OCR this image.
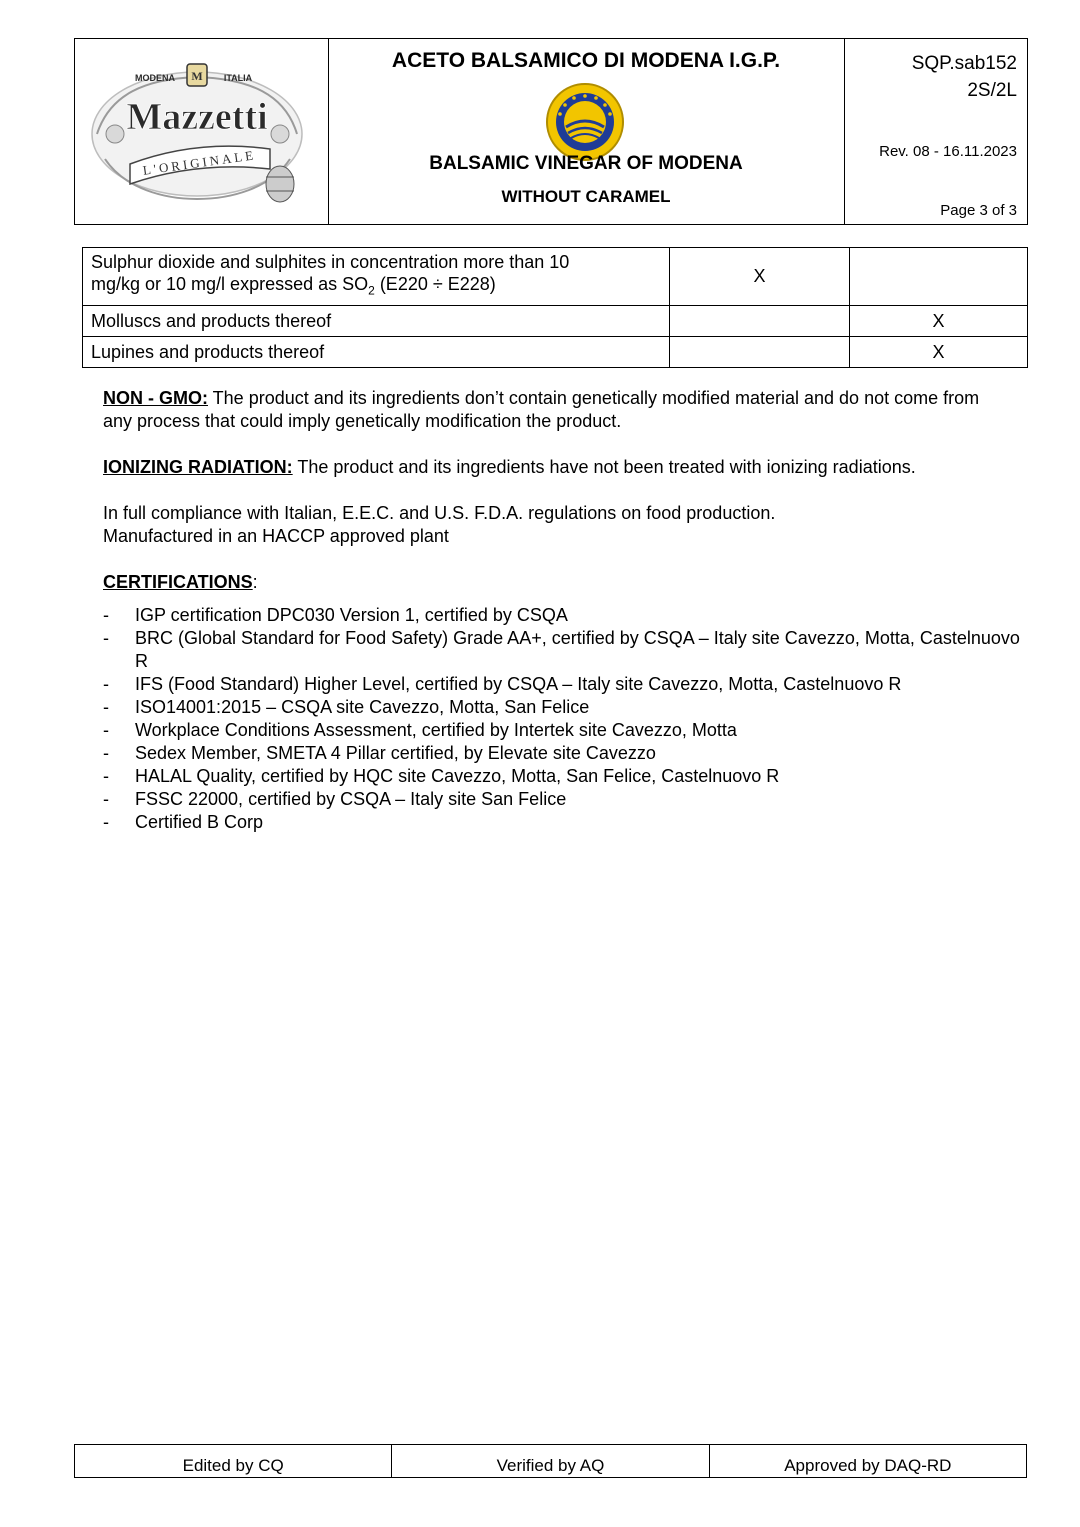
M
MODENA	ITALIA
Mazzetti
L'ORIGINALE
ACETO BALSAMICO DI MODENA I.G.P.
BALSAMIC VINEGAR OF MODENA
WITHOUT CARAMEL
SQP.sab152
2S/2L
Rev. 08 - 16.11.2023
Page 3 of 3
Sulphur dioxide and sulphites in concentration more than 10
mg/kg or 10 mg/l expressed as $SO_2$ (E220 ÷ E228)	X	
Molluscs and products thereof		X
Lupines and products thereof		X
NON - GMO: The product and its ingredients don’t contain genetically modified material and do not come from any process that could imply genetically modification the product.
IONIZING RADIATION: The product and its ingredients have not been treated with ionizing radiations.
In full compliance with Italian, E.E.C. and U.S. F.D.A. regulations on food production.
Manufactured in an HACCP approved plant
CERTIFICATIONS:
- IGP certification DPC030 Version 1, certified by CSQA
- BRC (Global Standard for Food Safety) Grade AA+, certified by CSQA – Italy site Cavezzo, Motta, Castelnuovo R
- IFS (Food Standard) Higher Level, certified by CSQA – Italy site Cavezzo, Motta, Castelnuovo R
- ISO14001:2015 – CSQA site Cavezzo, Motta, San Felice
- Workplace Conditions Assessment, certified by Intertek site Cavezzo, Motta
- Sedex Member, SMETA 4 Pillar certified, by Elevate site Cavezzo
- HALAL Quality, certified by HQC site Cavezzo, Motta, San Felice, Castelnuovo R
- FSSC 22000, certified by CSQA – Italy site San Felice
- Certified B Corp
Edited by CQ	Verified by AQ	Approved by DAQ-RD
